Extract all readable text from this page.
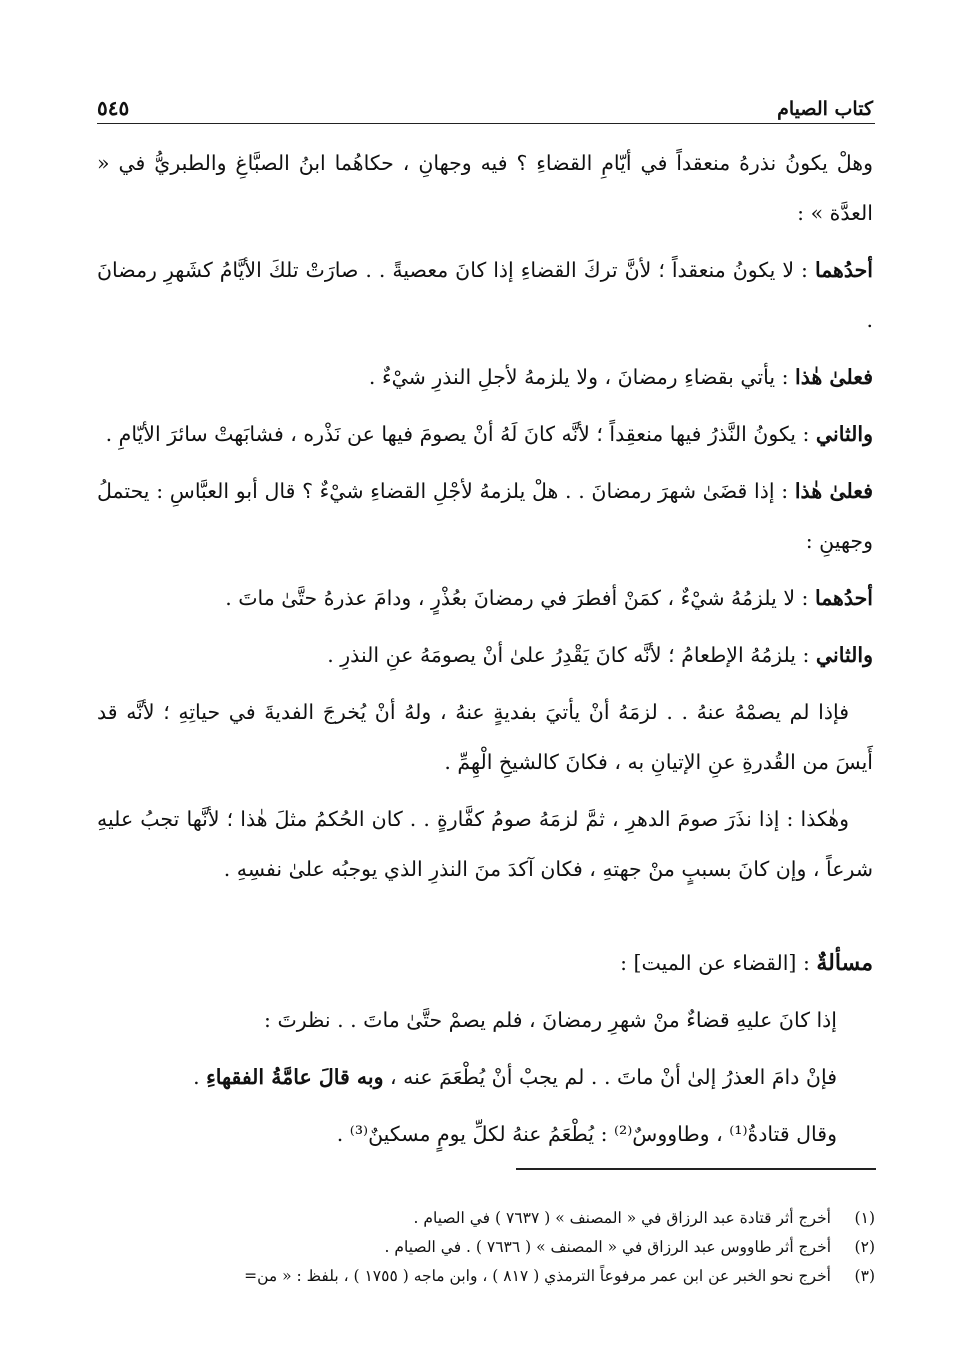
كتاب الصيام
٥٤٥

وهلْ يكونُ نذرهُ منعقداً في أيّامِ القضاءِ ؟ فيه وجهانِ ، حكاهُما ابنُ الصبَّاغِ والطبريُّ في « العدَّة » :

أحدُهما : لا يكونُ منعقداً ؛ لأنَّ تركَ القضاءِ إذا كانَ معصيةً . . صارَتْ تلكَ الأيَّامُ كشَهرِ رمضانَ .

فعلىٰ هٰذا : يأتي بقضاءِ رمضانَ ، ولا يلزمهُ لأجلِ النذرِ شيْءٌ .

والثاني : يكونُ النَّذرُ فيها منعقِداً ؛ لأنَّه كانَ لَهُ أنْ يصومَ فيها عن نَذْره ، فشابَهتْ سائرَ الأيّامِ .

فعلىٰ هٰذا : إذا قضَىٰ شهرَ رمضانَ . . هلْ يلزمهُ لأجْلِ القضاءِ شيْءٌ ؟ قال أبو العبَّاسِ : يحتملُ وجهينِ :

أحدُهما : لا يلزمُهُ شيْءٌ ، كمَنْ أفطرَ في رمضانَ بعُذْرٍ ، ودامَ عذرهُ حتَّىٰ ماتَ .

والثاني : يلزمُهُ الإطعامُ ؛ لأنَّه كانَ يَقْدِرُ علىٰ أنْ يصومَهُ عنِ النذرِ .

فإذا لم يصمْهُ عنهُ . . لزمَهُ أنْ يأتيَ بفديةٍ عنهُ ، ولهُ أنْ يُخرجَ الفديةَ في حياتِهِ ؛ لأنَّه قد أَيسَ من القُدرةِ عنِ الإتيانِ به ، فكانَ كالشيخِ الْهِمِّ .

وهٰكذا : إذا نذَرَ صومَ الدهرِ ، ثمَّ لزمَهُ صومُ كفَّارةٍ . . كان الحُكمُ مثلَ هٰذا ؛ لأنَّها تجبُ عليهِ شرعاً ، وإن كانَ بسببٍ منْ جهتهِ ، فكان آكدَ منَ النذرِ الذي يوجبُه علىٰ نفسِهِ .

مسألةٌ : [القضاء عن الميت] :

إذا كانَ عليهِ قضاءٌ منْ شهرِ رمضانَ ، فلم يصمْ حتَّىٰ ماتَ . . نظرتَ :

فإنْ دامَ العذرُ إلىٰ أنْ ماتَ . . لم يجبْ أنْ يُطْعَمَ عنه ، وبه قالَ عامَّةُ الفقهاءِ .

وقال قتادةُ⁽¹⁾ ، وطاووسٌ⁽²⁾ : يُطْعَمُ عنهُ لكلِّ يومٍ مسكينٌ⁽³⁾ .

(١)
أخرج أثر قتادة عبد الرزاق في « المصنف » ( ٧٦٣٧ ) في الصيام .
(٢)
أخرج أثر طاووس عبد الرزاق في « المصنف » ( ٧٦٣٦ ) . في الصيام .
(٣)
أخرج نحو الخبر عن ابن عمر مرفوعاً الترمذي ( ٨١٧ ) ، وابن ماجه ( ١٧٥٥ ) ، بلفظ : « من=
